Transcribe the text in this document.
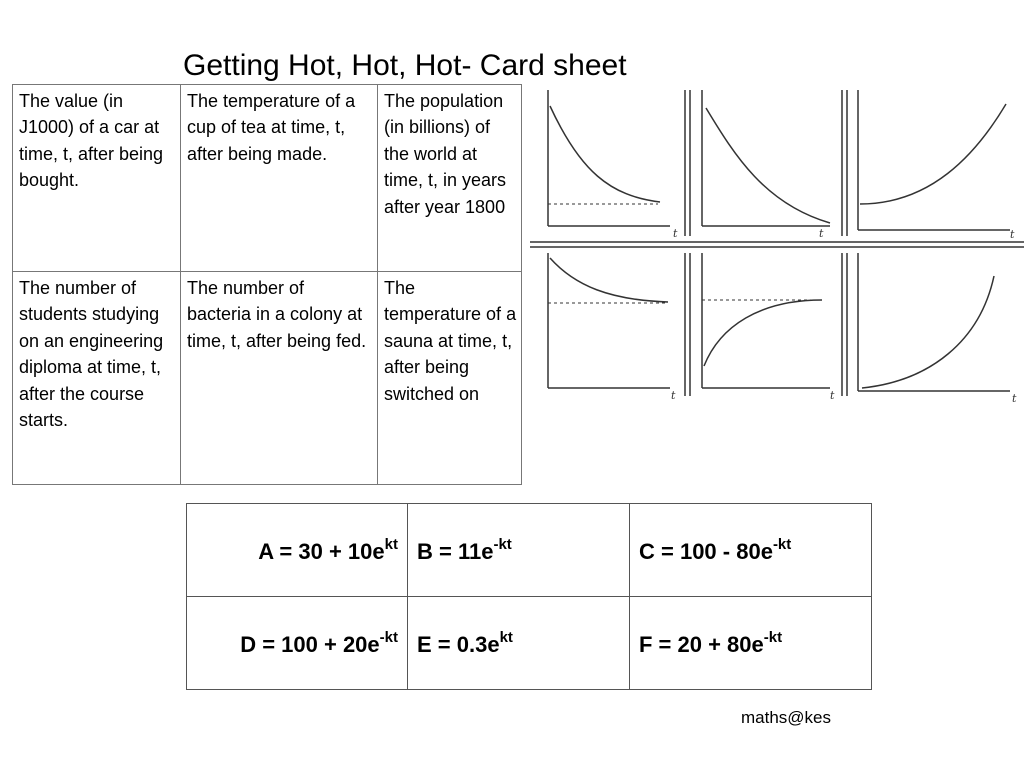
Getting Hot, Hot, Hot- Card sheet
The value (in J1000) of a car at time, t, after being bought.	The temperature of a cup of tea at time, t, after being made.	The population (in billions) of the world at time, t, in years after year 1800
The number of students studying on an engineering diploma at time, t, after the course starts.	The number of bacteria in a colony at time, t, after being fed.	The temperature of a sauna at time, t, after being switched on
t	t	t
t	t	t
$A = 30 + 10e^{kt}$	$B = 11e^{-kt}$	$C = 100 - 80e^{-kt}$
$D = 100 + 20e^{-kt}$	$E = 0.3e^{kt}$	$F = 20 + 80e^{-kt}$
maths@kes
